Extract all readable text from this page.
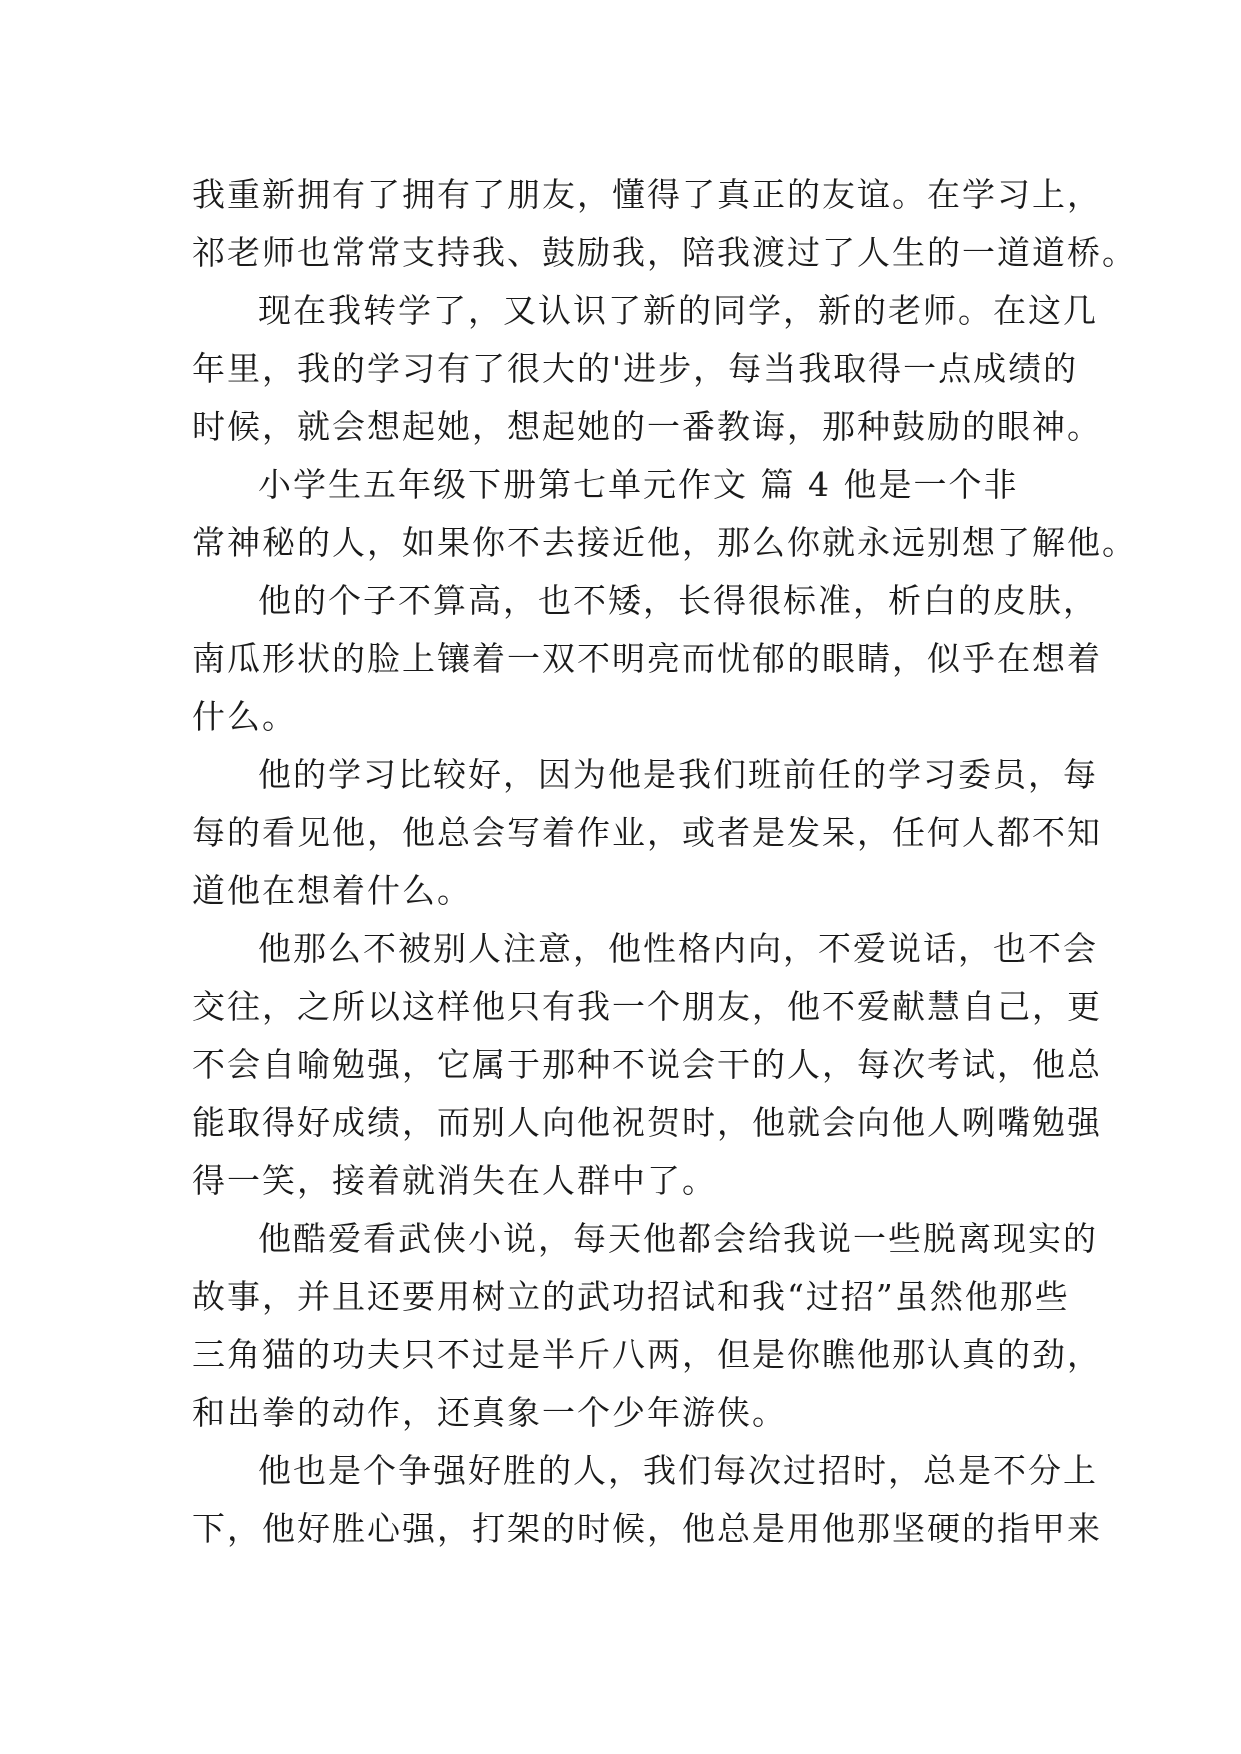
我重新拥有了拥有了朋友，懂得了真正的友谊。在学习上，
祁老师也常常支持我、鼓励我，陪我渡过了人生的一道道桥。
现在我转学了，又认识了新的同学，新的老师。在这几
年里，我的学习有了很大的'进步，每当我取得一点成绩的
时候，就会想起她，想起她的一番教诲，那种鼓励的眼神。
小学生五年级下册第七单元作文 篇 4 他是一个非
常神秘的人，如果你不去接近他，那么你就永远别想了解他。
他的个子不算高，也不矮，长得很标准，析白的皮肤，
南瓜形状的脸上镶着一双不明亮而忧郁的眼睛，似乎在想着
什么。
他的学习比较好，因为他是我们班前任的学习委员，每
每的看见他，他总会写着作业，或者是发呆，任何人都不知
道他在想着什么。
他那么不被别人注意，他性格内向，不爱说话，也不会
交往，之所以这样他只有我一个朋友，他不爱献慧自己，更
不会自喻勉强，它属于那种不说会干的人，每次考试，他总
能取得好成绩，而别人向他祝贺时，他就会向他人咧嘴勉强
得一笑，接着就消失在人群中了。
他酷爱看武侠小说，每天他都会给我说一些脱离现实的
故事，并且还要用树立的武功招试和我“过招”虽然他那些
三角猫的功夫只不过是半斤八两，但是你瞧他那认真的劲，
和出拳的动作，还真象一个少年游侠。
他也是个争强好胜的人，我们每次过招时，总是不分上
下，他好胜心强，打架的时候，他总是用他那坚硬的指甲来
